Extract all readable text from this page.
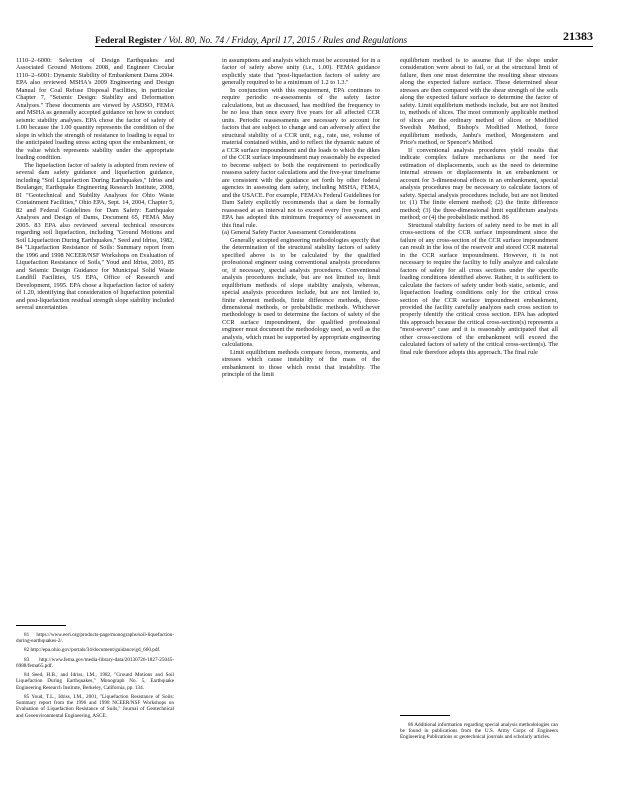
Federal Register / Vol. 80, No. 74 / Friday, April 17, 2015 / Rules and Regulations	21383

1110–2–6000: Selection of Design Earthquakes and Associated Ground Motions 2008, and Engineer Circular 1110–2–6001: Dynamic Stability of Embankment Dams 2004. EPA also reviewed MSHA's 2009 Engineering and Design Manual for Coal Refuse Disposal Facilities, in particular Chapter 7, ''Seismic Design: Stability and Deformation Analyses.'' These documents are viewed by ASDSO, FEMA and MSHA as generally accepted guidance on how to conduct seismic stability analyses. EPA chose the factor of safety of 1.00 because the 1.00 quantity represents the condition of the slope in which the strength of resistance to loading is equal to the anticipated loading stress acting upon the embankment, or the value which represents stability under the appropriate loading condition.

The liquefaction factor of safety is adopted from review of several dam safety guidance and liquefaction guidance, including ''Soil Liquefaction During Earthquakes,'' Idriss and Boulanger, Earthquake Engineering Research Institute, 2008, 81 ''Geotechnical and Stability Analyses for Ohio Waste Containment Facilities,'' Ohio EPA, Sept. 14, 2004, Chapter 5, 82 and Federal Guidelines for Dam Safety: Earthquake Analyses and Design of Dams, Document 65, FEMA May 2005. 83 EPA also reviewed several technical resources regarding soil liquefaction, including ''Ground Motions and Soil Liquefaction During Earthquakes,'' Seed and Idriss, 1982, 84 ''Liquefaction Resistance of Soils: Summary report from the 1996 and 1998 NCEER/NSF Workshops on Evaluation of Liquefaction Resistance of Soils,'' Youd and Idriss, 2001, 85 and Seismic Design Guidance for Municipal Solid Waste Landfill Facilities, US EPA, Office of Research and Development, 1995. EPA chose a liquefaction factor of safety of 1.20, identifying that consideration of liquefaction potential and post-liquefaction residual strength slope stability included several uncertainties

in assumptions and analysis which must be accounted for in a factor of safety above unity (i.e., 1.00). FEMA guidance explicitly state that ''post-liquefaction factors of safety are generally required to be a minimum of 1.2 to 1.3.''

In conjunction with this requirement, EPA continues to require periodic re-assessments of the safety factor calculations, but as discussed, has modified the frequency to be no less than once every five years for all affected CCR units. Periodic reassessments are necessary to account for factors that are subject to change and can adversely affect the structural stability of a CCR unit, e.g., rate, use, volume of material contained within, and to reflect the dynamic nature of a CCR surface impoundment and the loads to which the dikes of the CCR surface impoundment may reasonably be expected to become subject to both the requirement to periodically reassess safety factor calculations and the five-year timeframe are consistent with the guidance set forth by other federal agencies in assessing dam safety, including MSHA, FEMA, and the USACE. For example, FEMA's Federal Guidelines for Dam Safety explicitly recommends that a dam be formally reassessed at an interval not to exceed every five years, and EPA has adopted this minimum frequency of assessment in this final rule.

(a) General Safety Factor Assessment Considerations

Generally accepted engineering methodologies specify that the determination of the structural stability factors of safety specified above is to be calculated by the qualified professional engineer using conventional analysis procedures or, if necessary, special analysis procedures. Conventional analysis procedures include, but are not limited to, limit equilibrium methods of slope stability analysis, whereas, special analysis procedures include, but are not limited to, finite element methods, finite difference methods, three-dimensional methods, or probabilistic methods. Whichever methodology is used to determine the factors of safety of the CCR surface impoundment, the qualified professional engineer must document the methodology used, as well as the analysis, which must be supported by appropriate engineering calculations.

Limit equilibrium methods compare forces, moments, and stresses which cause instability of the mass of the embankment to those which resist that instability. The principle of the limit

equilibrium method is to assume that if the slope under consideration were about to fail, or at the structural limit of failure, then one must determine the resulting shear stresses along the expected failure surface. These determined shear stresses are then compared with the shear strength of the soils along the expected failure surface to determine the factor of safety. Limit equilibrium methods include, but are not limited to, methods of slices. The most commonly applicable method of slices are the ordinary method of slices or Modified Swedish Method, Bishop's Modified Method, force equilibrium methods, Janbu's method, Morgenstern and Price's method, or Spencer's Method.

If conventional analysis procedures yield results that indicate complex failure mechanisms or the need for estimation of displacements, such as the need to determine internal stresses or displacements in an embankment or account for 3-dimensional effects in an embankment, special analysis procedures may be necessary to calculate factors of safety. Special analysis procedures include, but are not limited to: (1) The finite element method; (2) the finite difference method; (3) the three-dimensional limit equilibrium analysis method; or (4) the probabilistic method. 86

Structural stability factors of safety need to be met in all cross-sections of the CCR surface impoundment since the failure of any cross-section of the CCR surface impoundment can result in the loss of the reservoir and stored CCR material in the CCR surface impoundment. However, it is not necessary to require the facility to fully analyze and calculate factors of safety for all cross sections under the specific loading conditions identified above. Rather, it is sufficient to calculate the factors of safety under both static, seismic, and liquefaction loading conditions only for the critical cross section of the CCR surface impoundment embankment, provided the facility carefully analyzes each cross section to properly identify the critical cross section. EPA has adopted this approach because the critical cross-section(s) represents a ''most-severe'' case and it is reasonably anticipated that all other cross-sections of the embankment will exceed the calculated factors of safety of the critical cross-section(s). The final rule therefore adopts this approach. The final rule

81 https://www.eeri.org/products-page/monographs/soil-liquefaction-during-earthquakes-2/.

82 http://epa.ohio.gov/portals/34/document/guidance/gd_660.pdf.

83 http://www.fema.gov/media-library-data/20130726-1827-25045-6988/fema65.pdf.

84 Seed, H.B., and Idriss, I.M., 1982, ''Ground Motions and Soil Liquefaction During Earthquakes,'' Monograph No. 5, Earthquake Engineering Research Institute, Berkeley, California, pp. 134.

85 Youd, T.L., Idriss, I.M., 2001, ''Liquefaction Resistance of Soils: Summary report from the 1996 and 1998 NCEER/NSF Workshops on Evaluation of Liquefaction Resistance of Soils,'' Journal of Geotechnical and Geoenvironmental Engineering, ASCE.

86 Additional information regarding special analysis methodologies can be found in publications from the U.S. Army Corps of Engineers Engineering Publications or geotechnical journals and scholarly articles.
